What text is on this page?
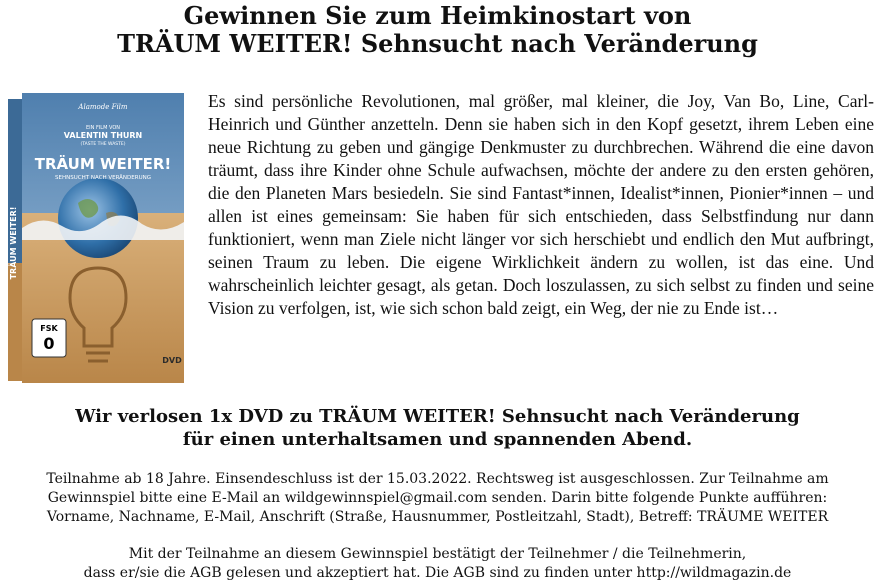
Gewinnen Sie zum Heimkinostart von
TRÄUM WEITER! Sehnsucht nach Veränderung
TRÄUM WEITER!
Alamode Film
EIN FILM VON
VALENTIN THURN
(TASTE THE WASTE)
TRÄUM WEITER!
SEHNSUCHT NACH VERÄNDERUNG
FSK
0
DVD

Es sind persönliche Revolutionen, mal größer, mal kleiner, die Joy, Van Bo, Line, Carl-Heinrich und Günther anzetteln. Denn sie haben sich in den Kopf gesetzt, ihrem Leben eine neue Richtung zu geben und gängige Denkmuster zu durchbrechen. Während die eine davon träumt, dass ihre Kinder ohne Schule aufwachsen, möchte der andere zu den ersten gehören, die den Planeten Mars besiedeln. Sie sind Fantast*innen, Idealist*innen, Pionier*innen – und allen ist eines gemeinsam: Sie haben für sich entschieden, dass Selbstfindung nur dann funktioniert, wenn man Ziele nicht länger vor sich herschiebt und endlich den Mut aufbringt, seinen Traum zu leben. Die eigene Wirklichkeit ändern zu wollen, ist das eine. Und wahrscheinlich leichter gesagt, als getan. Doch loszulassen, zu sich selbst zu finden und seine Vision zu verfolgen, ist, wie sich schon bald zeigt, ein Weg, der nie zu Ende ist…

Wir verlosen 1x DVD zu TRÄUM WEITER! Sehnsucht nach Veränderung
für einen unterhaltsamen und spannenden Abend.
Teilnahme ab 18 Jahre. Einsendeschluss ist der 15.03.2022. Rechtsweg ist ausgeschlossen. Zur Teilnahme am
Gewinnspiel bitte eine E-Mail an wildgewinnspiel@gmail.com senden. Darin bitte folgende Punkte aufführen:
Vorname, Nachname, E-Mail, Anschrift (Straße, Hausnummer, Postleitzahl, Stadt), Betreff: TRÄUME WEITER
Mit der Teilnahme an diesem Gewinnspiel bestätigt der Teilnehmer / die Teilnehmerin,
dass er/sie die AGB gelesen und akzeptiert hat. Die AGB sind zu finden unter http://wildmagazin.de
